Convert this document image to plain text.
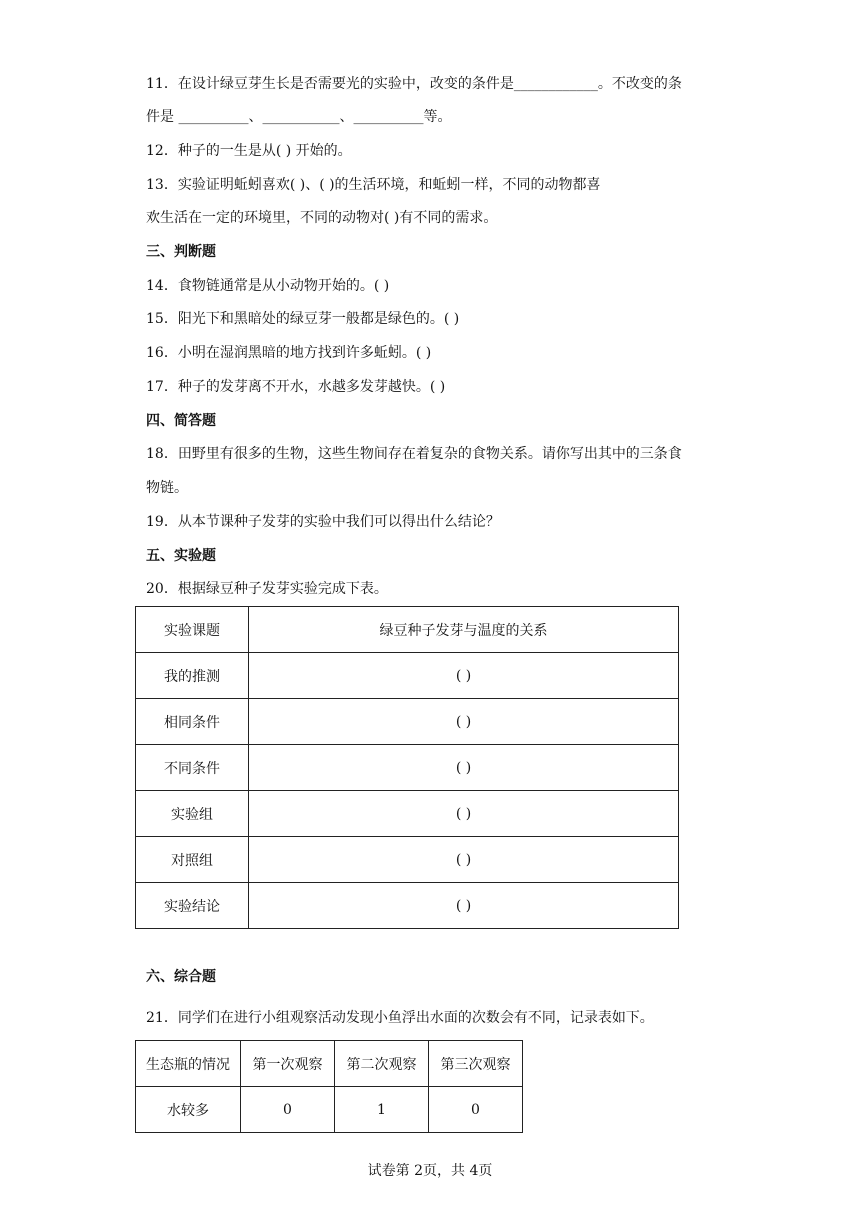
11．在设计绿豆芽生长是否需要光的实验中，改变的条件是____________。不改变的条
件是 __________、___________、__________等。
12．种子的一生是从( ) 开始的。
13．实验证明蚯蚓喜欢( )、( )的生活环境，和蚯蚓一样，不同的动物都喜
欢生活在一定的环境里，不同的动物对( )有不同的需求。
三、判断题
14．食物链通常是从小动物开始的。( )
15．阳光下和黑暗处的绿豆芽一般都是绿色的。( )
16．小明在湿润黑暗的地方找到许多蚯蚓。( )
17．种子的发芽离不开水，水越多发芽越快。( )
四、简答题
18．田野里有很多的生物，这些生物间存在着复杂的食物关系。请你写出其中的三条食
物链。
19．从本节课种子发芽的实验中我们可以得出什么结论？
五、实验题
20．根据绿豆种子发芽实验完成下表。
实验课题	绿豆种子发芽与温度的关系
我的推测	( )
相同条件	( )
不同条件	( )
实验组	( )
对照组	( )
实验结论	( )
六、综合题
21．同学们在进行小组观察活动发现小鱼浮出水面的次数会有不同，记录表如下。
生态瓶的情况	第一次观察	第二次观察	第三次观察
水较多	0	1	0
试卷第 2页，共 4页
